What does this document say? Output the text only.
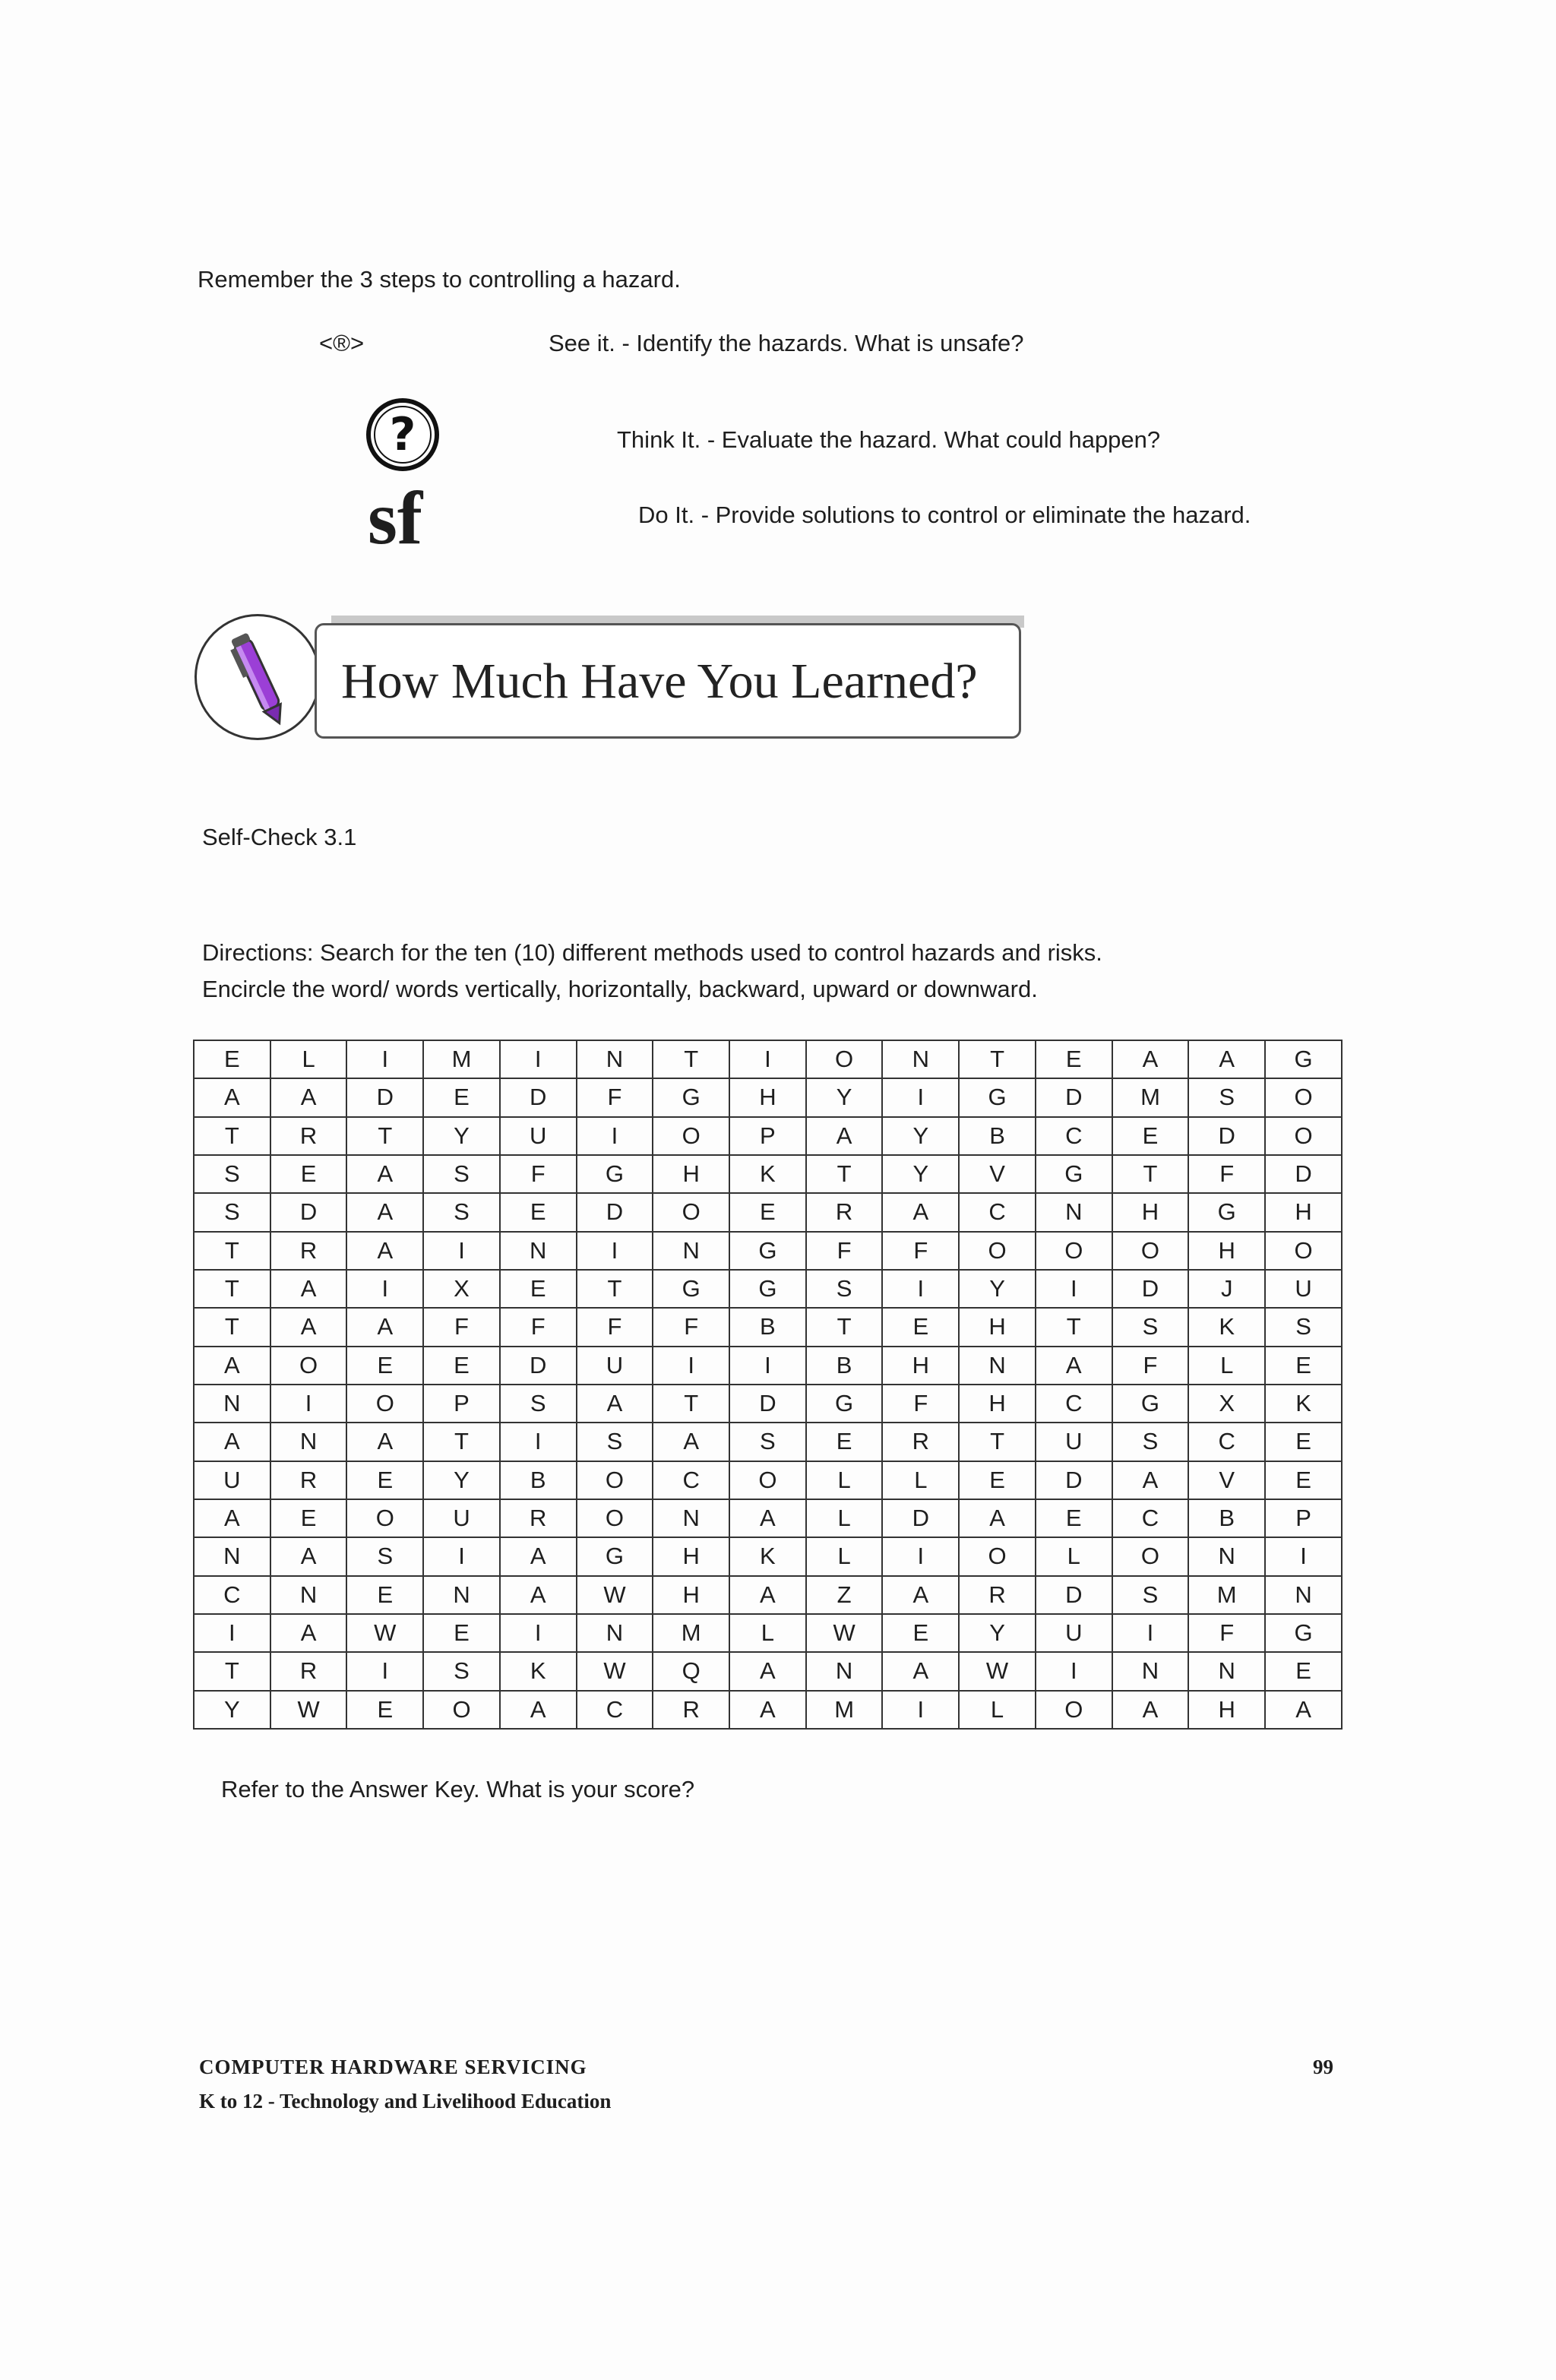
Remember the 3 steps to controlling a hazard.
<®>	See it. - Identify the hazards. What is unsafe?
?	Think It. - Evaluate the hazard. What could happen?
sf	Do It. - Provide solutions to control or eliminate the hazard.
How Much Have You Learned?
Self-Check 3.1
Directions: Search for the ten (10) different methods used to control hazards and risks.
Encircle the word/ words vertically, horizontally, backward, upward or downward.
E	L	I	M	I	N	T	I	O	N	T	E	A	A	G
A	A	D	E	D	F	G	H	Y	I	G	D	M	S	O
T	R	T	Y	U	I	O	P	A	Y	B	C	E	D	O
S	E	A	S	F	G	H	K	T	Y	V	G	T	F	D
S	D	A	S	E	D	O	E	R	A	C	N	H	G	H
T	R	A	I	N	I	N	G	F	F	O	O	O	H	O
T	A	I	X	E	T	G	G	S	I	Y	I	D	J	U
T	A	A	F	F	F	F	B	T	E	H	T	S	K	S
A	O	E	E	D	U	I	I	B	H	N	A	F	L	E
N	I	O	P	S	A	T	D	G	F	H	C	G	X	K
A	N	A	T	I	S	A	S	E	R	T	U	S	C	E
U	R	E	Y	B	O	C	O	L	L	E	D	A	V	E
A	E	O	U	R	O	N	A	L	D	A	E	C	B	P
N	A	S	I	A	G	H	K	L	I	O	L	O	N	I
C	N	E	N	A	W	H	A	Z	A	R	D	S	M	N
I	A	W	E	I	N	M	L	W	E	Y	U	I	F	G
T	R	I	S	K	W	Q	A	N	A	W	I	N	N	E
Y	W	E	O	A	C	R	A	M	I	L	O	A	H	A
Refer to the Answer Key. What is your score?
COMPUTER HARDWARE SERVICING
K to 12 - Technology and Livelihood Education
99
